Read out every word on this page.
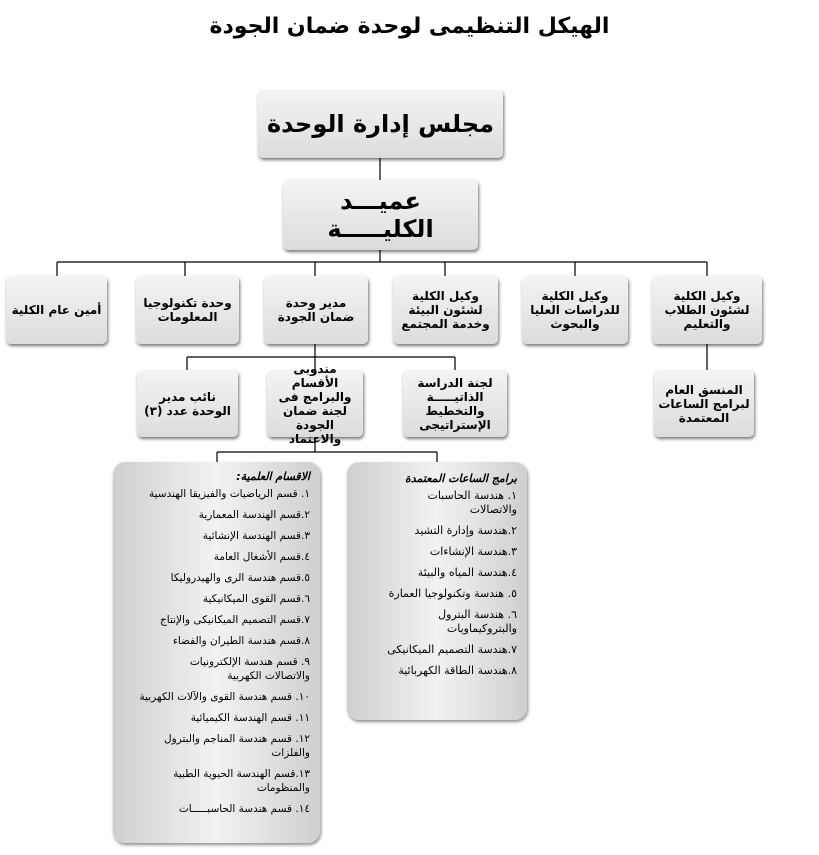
الهيكل التنظيمى لوحدة ضمان الجودة
مجلس إدارة الوحدة
عميـــد الكليـــــة
وكيل الكلية
لشئون الطلاب
والتعليم
وكيل الكلية
للدراسات العليا
والبحوث
وكيل الكلية
لشئون البيئة
وخدمة المجتمع
مدير وحدة
ضمان الجودة
وحدة تكنولوجيا
المعلومات
أمين عام الكلية
المنسق العام
لبرامج الساعات
المعتمدة
لجنة الدراسة
الذاتيـــــة
والتخطيط
الإستراتيجى
مندوبى الأقسام
والبرامج فى
لجنة ضمان
الجودة والاعتماد
نائب مدير
الوحدة عدد (٣)
برامج الساعات المعتمدة
١. هندسة الحاسبات
والاتصالات
٢.هندسة وإدارة التشيد
٣.هندسة الإنشاءات
٤.هندسة المياه والبيئة
٥. هندسة وتكنولوجيا العمارة
٦. هندسة البترول
والبتروكيماويات
٧.هندسة التصميم الميكانيكى
٨.هندسة الطاقة الكهربائية
الاقسام العلمية:
١. قسم الرياضيات والفيزيقا الهندسية
٢.قسم الهندسة المعمارية
٣.قسم الهندسة الإنشائية
٤.قسم الأشغال العامة
٥.قسم هندسة الرى والهيدروليكا
٦.قسم القوى الميكانيكية
٧.قسم التصميم الميكانيكى والإنتاج
٨.قسم هندسة الطيران والفضاء
٩. قسم هندسة الإلكترونيات
والاتصالات الكهربية
١٠. قسم هندسة القوى والآلات الكهربية
١١. قسم الهندسة الكيميائية
١٢. قسم هندسة المناجم والبترول
والفلزات
١٣.قسم الهندسة الحيوية الطبية
والمنظومات
١٤. قسم هندسة الحاسبـــــات
